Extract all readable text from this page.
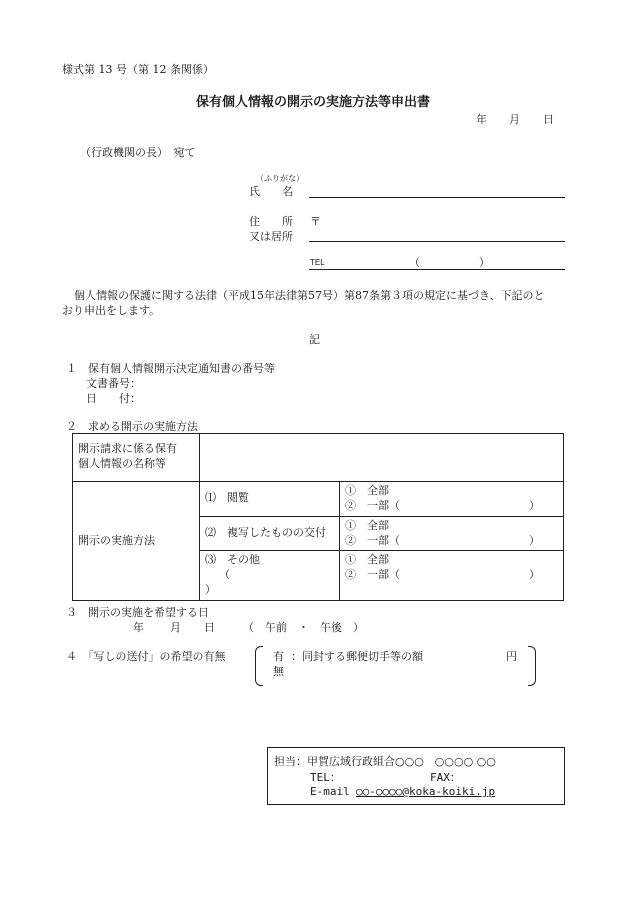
様式第 13 号（第 12 条関係）
保有個人情報の開示の実施方法等申出書
年 月 日
（行政機関の長）　宛て
（ふりがな）
氏　　名
住　　所 〒
又は居所
TEL	（	）
個人情報の保護に関する法律（平成15年法律第57号）第87条第３項の規定に基づき、下記のと
おり申出をします。
記
１　保有個人情報開示決定通知書の番号等
文書番号：
日　　付：
２　求める開示の実施方法
開示請求に係る保有
個人情報の名称等		

開示の実施方法	⑴　閲覧	①　全部
②　一部（ ）

	⑵　複写したものの交付	①　全部
②　一部（ ）

	⑶　その他
（
）	①　全部
②　一部（ ）
３　開示の実施を希望する日
年 月 日	（　午前　・　午後　）
４　「写しの送付」の希望の有無	有 ：同封する郵便切手等の額	円
無
担当：甲賀広域行政組合○○○　○○○○ ○○
TEL：	FAX：
E-mail ○○-○○○○@koka-koiki.jp
